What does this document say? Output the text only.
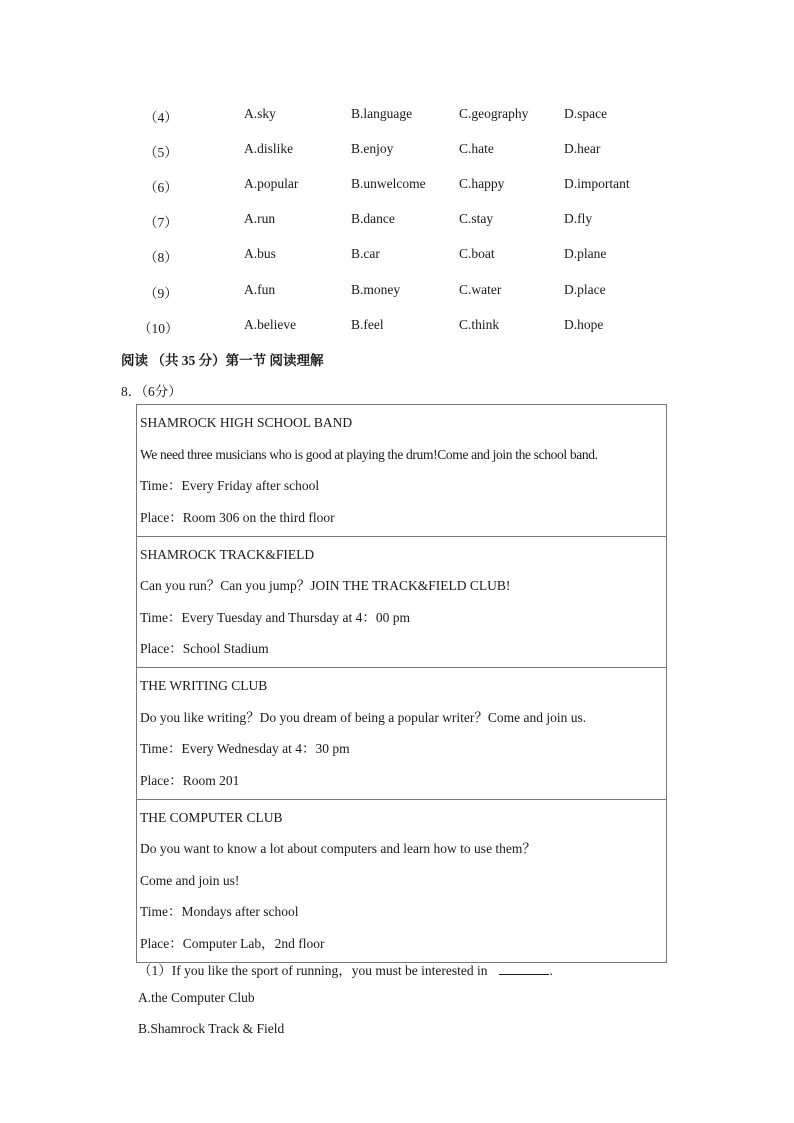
（4）	A.sky	B.language	C.geography	D.space
（5）	A.dislike	B.enjoy	C.hate	D.hear
（6）	A.popular	B.unwelcome C.happy	D.important
（7）	A.run	B.dance	C.stay	D.fly
（8）	A.bus	B.car	C.boat	D.plane
（9）	A.fun	B.money	C.water	D.place
（10）	A.believe	B.feel	C.think	D.hope
阅读 （共 35 分）第一节 阅读理解
8．（6分）
SHAMROCK HIGH SCHOOL BAND
We need three musicians who is good at playing the drum!Come and join the school band.
Time：Every Friday after school
Place：Room 306 on the third floor

SHAMROCK TRACK&FIELD
Can you run？Can you jump？JOIN THE TRACK&FIELD CLUB!
Time：Every Tuesday and Thursday at 4：00 pm
Place：School Stadium

THE WRITING CLUB
Do you like writing？Do you dream of being a popular writer？Come and join us.
Time：Every Wednesday at 4：30 pm
Place：Room 201

THE COMPUTER CLUB
Do you want to know a lot about computers and learn how to use them？
Come and join us!
Time：Mondays after school
Place：Computer Lab，2nd floor
（1）If you like the sport of running，you must be interested in	.
A.the Computer Club
B.Shamrock Track & Field
